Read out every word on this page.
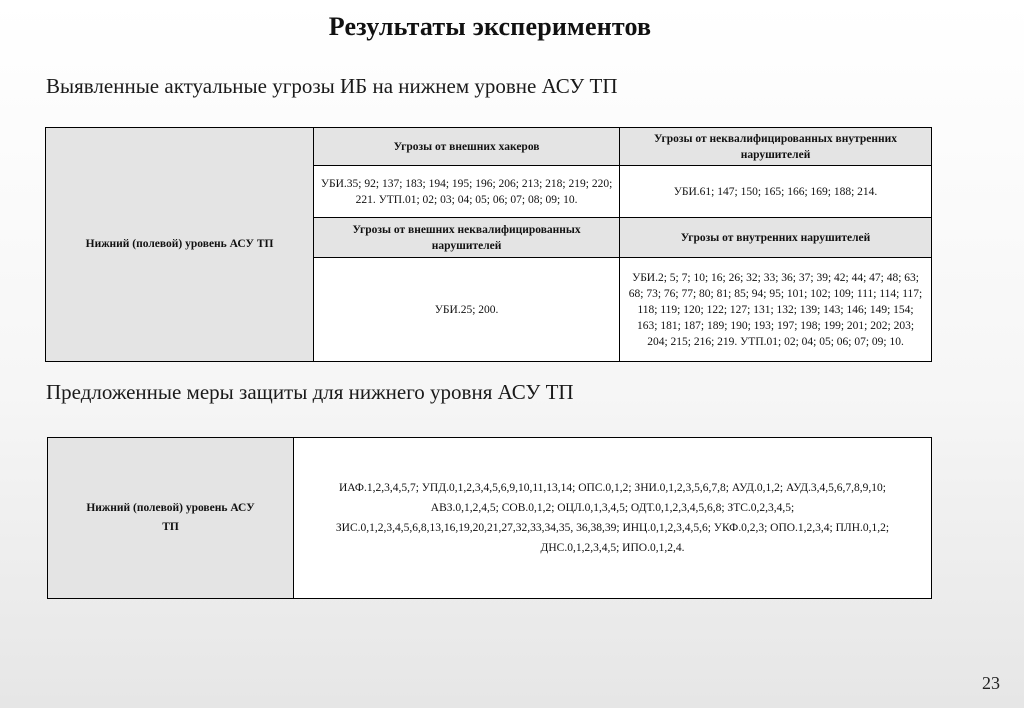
Результаты экспериментов
Выявленные актуальные угрозы ИБ на нижнем уровне АСУ ТП
Нижний (полевой) уровень АСУ ТП	Угрозы от внешних хакеров	Угрозы от неквалифицированных внутренних нарушителей
	УБИ.35; 92; 137; 183; 194; 195; 196; 206; 213; 218; 219; 220; 221. УТП.01; 02; 03; 04; 05; 06; 07; 08; 09; 10.	УБИ.61; 147; 150; 165; 166; 169; 188; 214.
	Угрозы от внешних неквалифицированных нарушителей	Угрозы от внутренних нарушителей
	УБИ.25; 200.	УБИ.2; 5; 7; 10; 16; 26; 32; 33; 36; 37; 39; 42; 44; 47; 48; 63; 68; 73; 76; 77; 80; 81; 85; 94; 95; 101; 102; 109; 111; 114; 117; 118; 119; 120; 122; 127; 131; 132; 139; 143; 146; 149; 154; 163; 181; 187; 189; 190; 193; 197; 198; 199; 201; 202; 203; 204; 215; 216; 219. УТП.01; 02; 04; 05; 06; 07; 09; 10.
Предложенные меры защиты для нижнего уровня АСУ ТП
Нижний (полевой) уровень АСУ ТП	ИАФ.1,2,3,4,5,7; УПД.0,1,2,3,4,5,6,9,10,11,13,14; ОПС.0,1,2; ЗНИ.0,1,2,3,5,6,7,8; АУД.0,1,2; АУД.3,4,5,6,7,8,9,10; АВЗ.0,1,2,4,5; СОВ.0,1,2; ОЦЛ.0,1,3,4,5; ОДТ.0,1,2,3,4,5,6,8; ЗТС.0,2,3,4,5; ЗИС.0,1,2,3,4,5,6,8,13,16,19,20,21,27,32,33,34,35, 36,38,39; ИНЦ.0,1,2,3,4,5,6; УКФ.0,2,3; ОПО.1,2,3,4; ПЛН.0,1,2; ДНС.0,1,2,3,4,5; ИПО.0,1,2,4.
23
